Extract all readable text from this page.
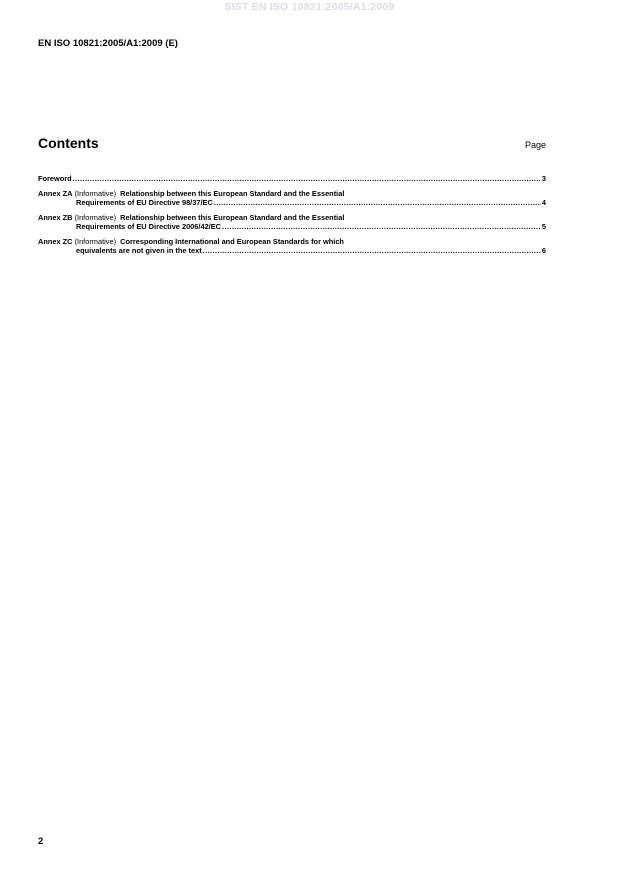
SIST EN ISO 10821:2005/A1:2009
EN ISO 10821:2005/A1:2009 (E)
Contents	Page
Foreword .....	3
Annex ZA
(Informative)
Relationship between this European Standard and the Essential
Requirements of EU Directive 98/37/EC .....	4
Annex ZB
(Informative)
Relationship between this European Standard and the Essential
Requirements of EU Directive 2006/42/EC .....	5
Annex ZC
(Informative)
Corresponding International and European Standards for which
equivalents are not given in the text .....	6
2
